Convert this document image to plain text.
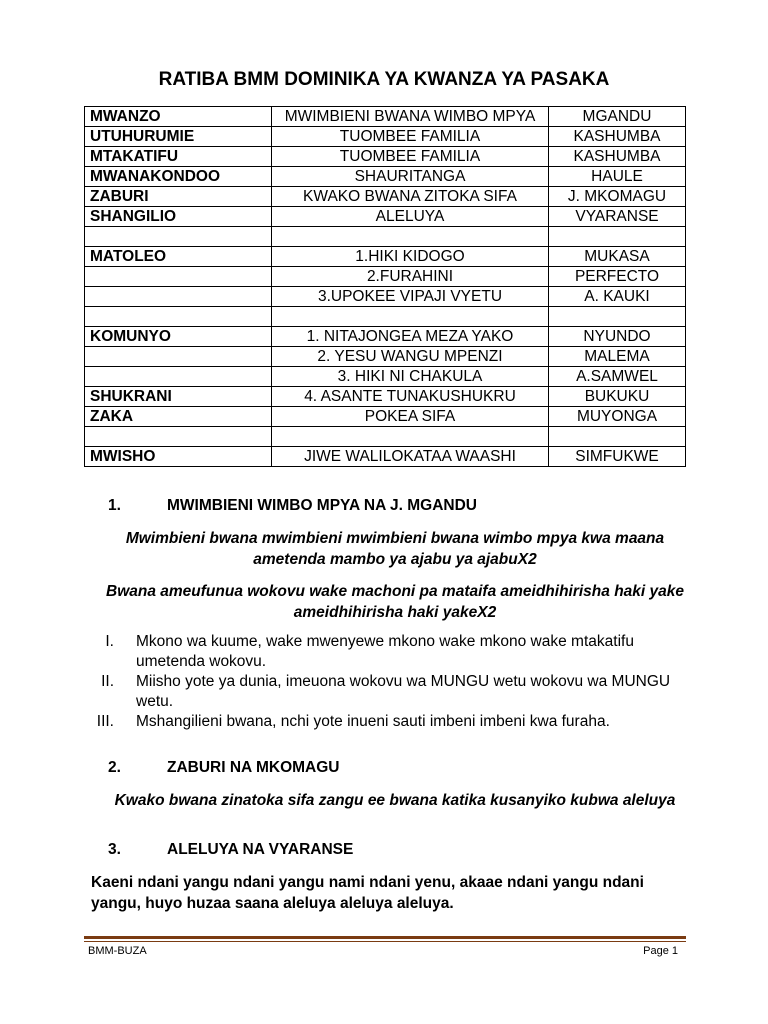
RATIBA BMM DOMINIKA YA KWANZA YA PASAKA
MWANZO	MWIMBIENI BWANA WIMBO MPYA	MGANDU
UTUHURUMIE	TUOMBEE FAMILIA	KASHUMBA
MTAKATIFU	TUOMBEE FAMILIA	KASHUMBA
MWANAKONDOO	SHAURITANGA	HAULE
ZABURI	KWAKO BWANA ZITOKA SIFA	J. MKOMAGU
SHANGILIO	ALELUYA	VYARANSE

MATOLEO	1.HIKI KIDOGO	MUKASA
	2.FURAHINI	PERFECTO
	3.UPOKEE VIPAJI VYETU	A. KAUKI

KOMUNYO	1. NITAJONGEA MEZA YAKO	NYUNDO
	2. YESU WANGU MPENZI	MALEMA
	3. HIKI NI CHAKULA	A.SAMWEL
SHUKRANI	4. ASANTE TUNAKUSHUKRU	BUKUKU
ZAKA	POKEA SIFA	MUYONGA

MWISHO	JIWE WALILOKATAA WAASHI	SIMFUKWE
1.	MWIMBIENI WIMBO MPYA NA J. MGANDU
Mwimbieni bwana mwimbieni mwimbieni bwana wimbo mpya kwa maana ametenda mambo ya ajabu ya ajabuX2
Bwana ameufunua wokovu wake machoni pa mataifa ameidhihirisha haki yake ameidhihirisha haki yakeX2
I. Mkono wa kuume, wake mwenyewe mkono wake mkono wake mtakatifu umetenda wokovu.
II. Miisho yote ya dunia, imeuona wokovu wa MUNGU wetu wokovu wa MUNGU wetu.
III. Mshangilieni bwana, nchi yote inueni sauti imbeni imbeni kwa furaha.
2.	ZABURI NA MKOMAGU
Kwako bwana zinatoka sifa zangu ee bwana katika kusanyiko kubwa aleluya
3.	ALELUYA NA VYARANSE
Kaeni ndani yangu ndani yangu nami ndani yenu, akaae ndani yangu ndani yangu, huyo huzaa saana aleluya aleluya aleluya.
BMM-BUZA	Page 1
